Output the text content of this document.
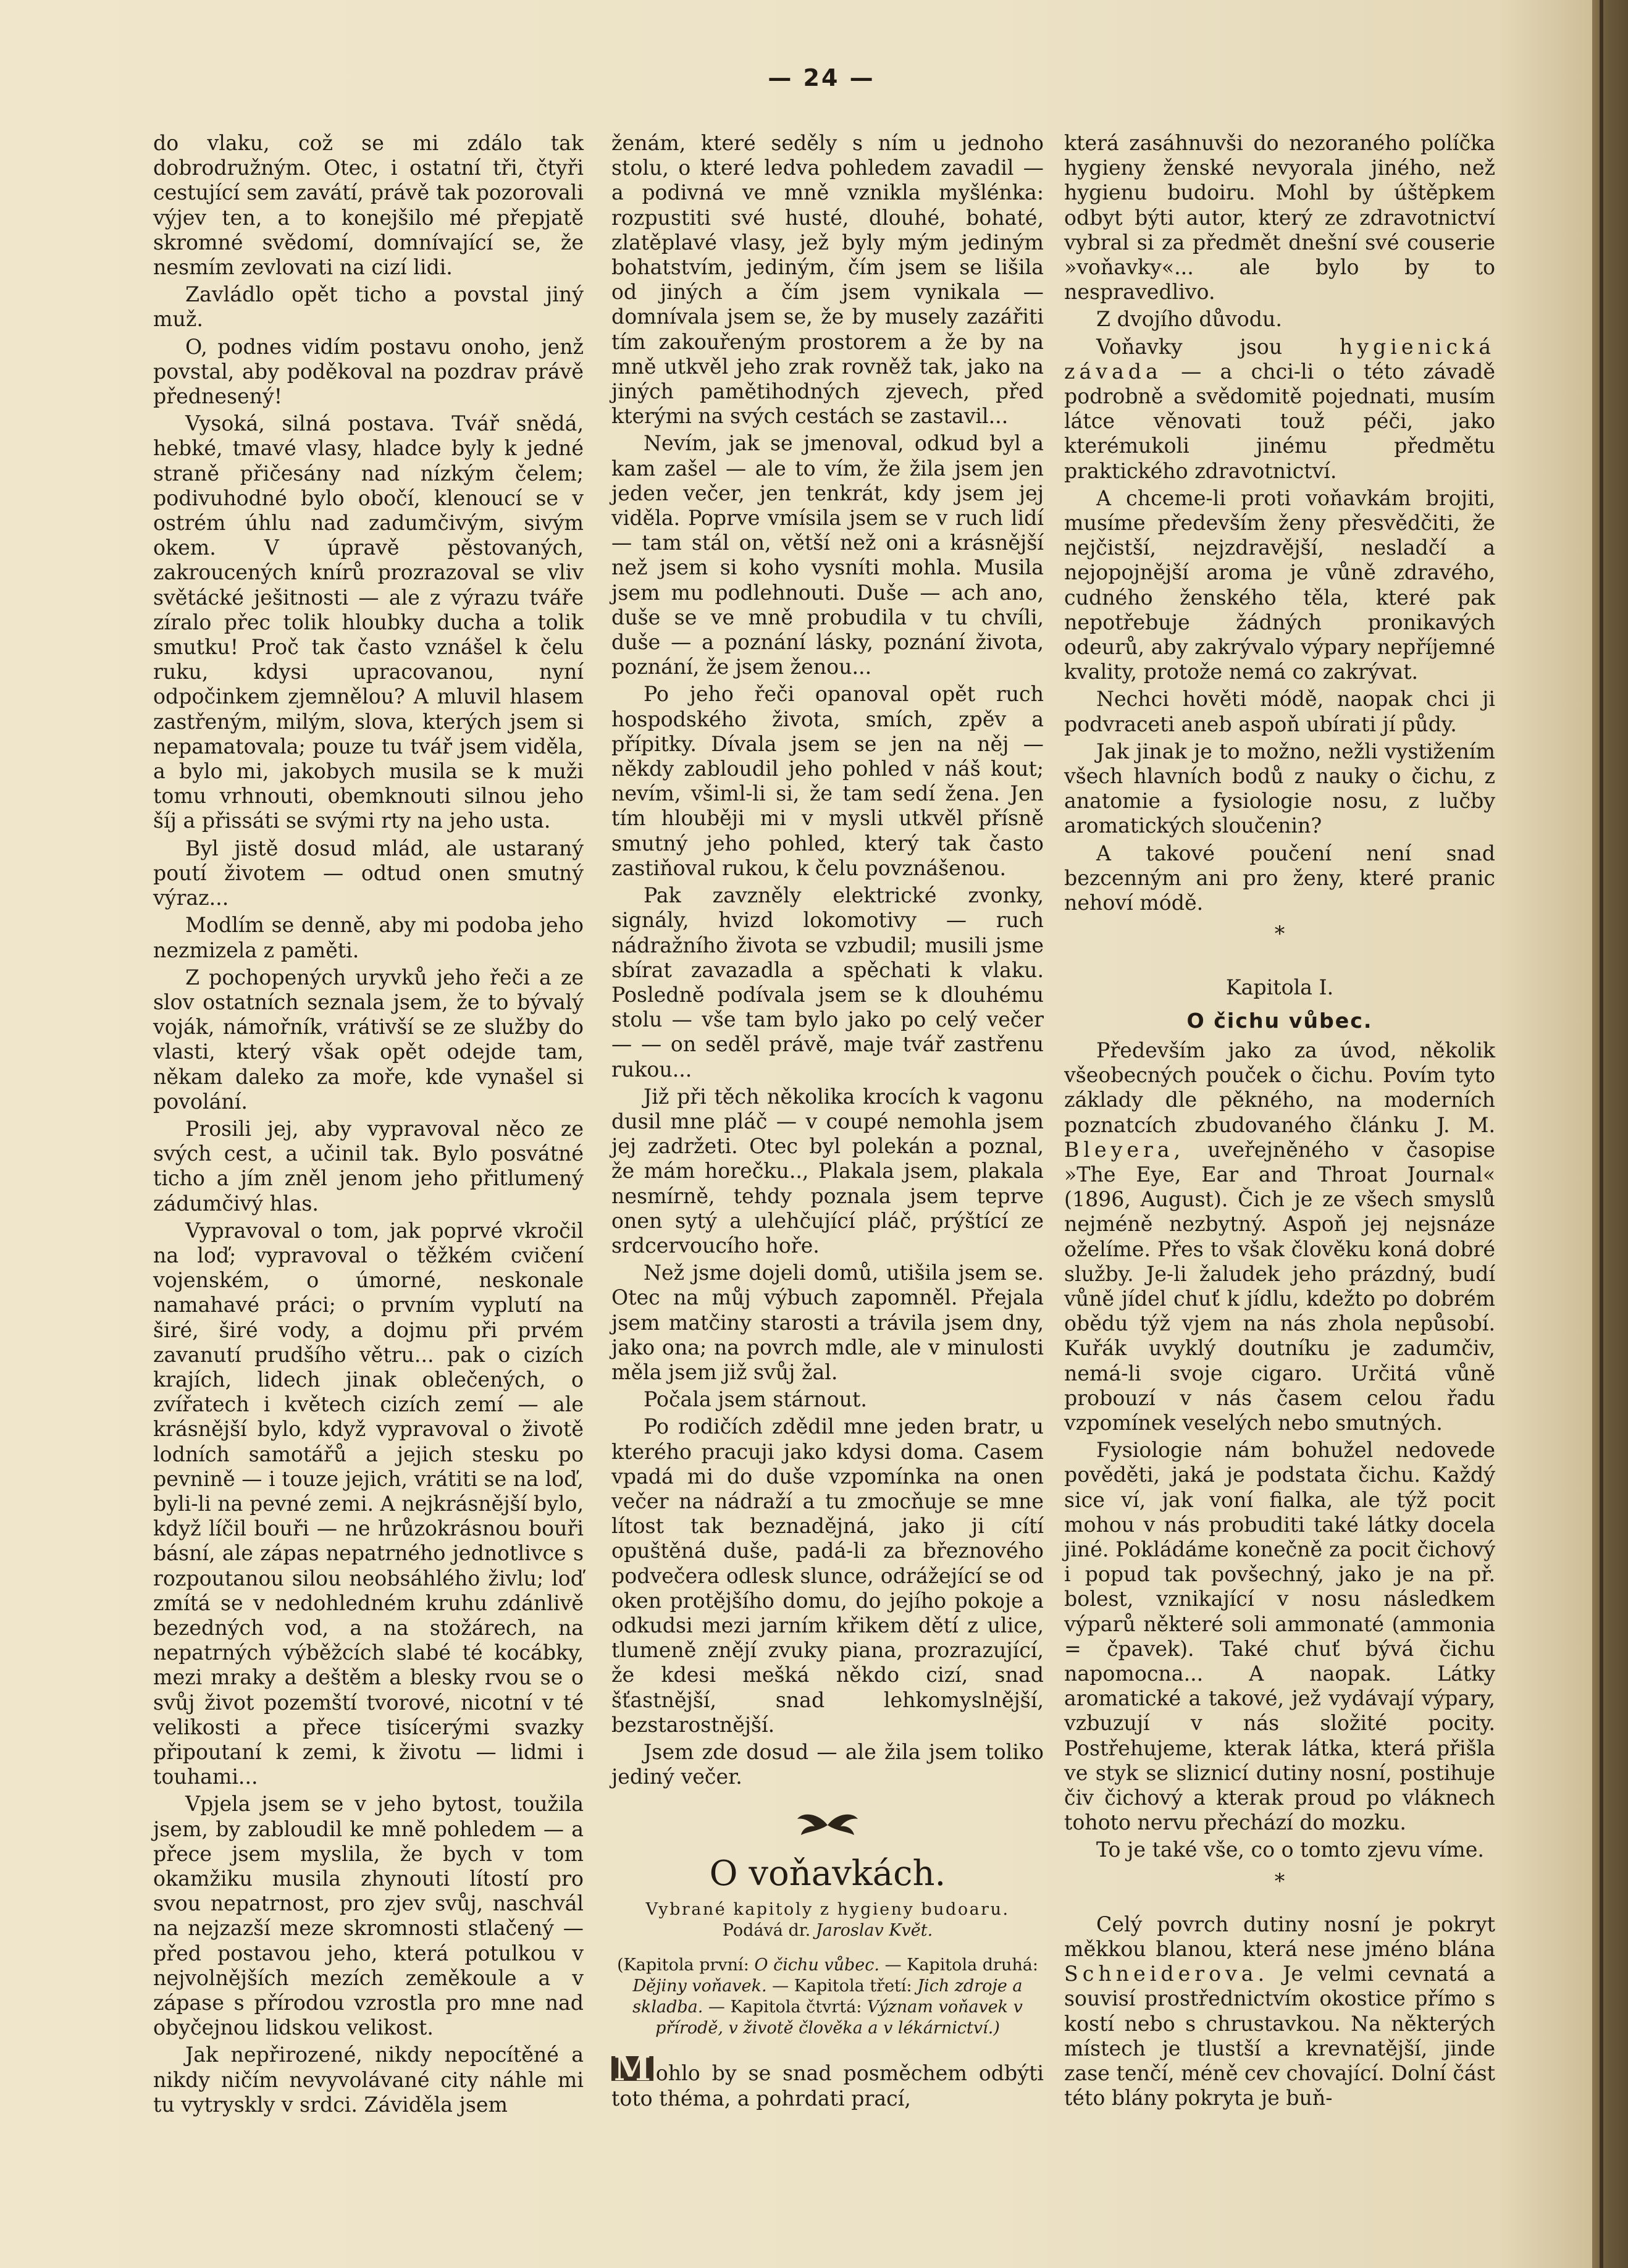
— 24 —

do vlaku, což se mi zdálo tak dobrodružným. Otec, i ostatní tři, čtyři cestující sem zavátí, právě tak pozorovali výjev ten, a to konejšilo mé přepjatě skromné svědomí, domnívající se, že nesmím zevlovati na cizí lidi.

Zavládlo opět ticho a povstal jiný muž.

O, podnes vidím postavu onoho, jenž povstal, aby poděkoval na pozdrav právě přednesený!

Vysoká, silná postava. Tvář snědá, hebké, tmavé vlasy, hladce byly k jedné straně přičesány nad nízkým čelem; podivuhodné bylo obočí, klenoucí se v ostrém úhlu nad zadumčivým, sivým okem. V úpravě pěstovaných, zakroucených knírů prozrazoval se vliv světácké ješitnosti — ale z výrazu tváře zíralo přec tolik hloubky ducha a tolik smutku! Proč tak často vznášel k čelu ruku, kdysi upracovanou, nyní odpočinkem zjemnělou? A mluvil hlasem zastřeným, milým, slova, kterých jsem si nepamatovala; pouze tu tvář jsem viděla, a bylo mi, jakobych musila se k muži tomu vrhnouti, obemknouti silnou jeho šíj a přissáti se svými rty na jeho usta.

Byl jistě dosud mlád, ale ustaraný poutí životem — odtud onen smutný výraz...

Modlím se denně, aby mi podoba jeho nezmizela z paměti.

Z pochopených uryvků jeho řeči a ze slov ostatních seznala jsem, že to bývalý voják, námořník, vrátivší se ze služby do vlasti, který však opět odejde tam, někam daleko za moře, kde vynašel si povolání.

Prosili jej, aby vypravoval něco ze svých cest, a učinil tak. Bylo posvátné ticho a jím zněl jenom jeho přitlumený zádumčivý hlas.

Vypravoval o tom, jak poprvé vkročil na loď; vypravoval o těžkém cvičení vojenském, o úmorné, neskonale namahavé práci; o prvním vyplutí na širé, širé vody, a dojmu při prvém zavanutí prudšího větru... pak o cizích krajích, lidech jinak oblečených, o zvířatech i květech cizích zemí — ale krásnější bylo, když vypravoval o životě lodních samotářů a jejich stesku po pevnině — i touze jejich, vrátiti se na loď, byli-li na pevné zemi. A nejkrásnější bylo, když líčil bouři — ne hrůzokrásnou bouři básní, ale zápas nepatrného jednotlivce s rozpoutanou silou neobsáhlého živlu; loď zmítá se v nedohledném kruhu zdánlivě bezedných vod, a na stožárech, na nepatrných výběžcích slabé té kocábky, mezi mraky a deštěm a blesky rvou se o svůj život pozemští tvorové, nicotní v té velikosti a přece tisícerými svazky připoutaní k zemi, k životu — lidmi i touhami...

Vpjela jsem se v jeho bytost, toužila jsem, by zabloudil ke mně pohledem — a přece jsem myslila, že bych v tom okamžiku musila zhynouti lítostí pro svou nepatrnost, pro zjev svůj, naschvál na nejzazší meze skromnosti stlačený — před postavou jeho, která potulkou v nejvolnějších mezích zeměkoule a v zápase s přírodou vzrostla pro mne nad obyčejnou lidskou velikost.

Jak nepřirozené, nikdy nepocítěné a nikdy ničím nevyvolávané city náhle mi tu vytryskly v srdci. Záviděla jsem

ženám, které seděly s ním u jednoho stolu, o které ledva pohledem zavadil — a podivná ve mně vznikla myšlénka: rozpustiti své husté, dlouhé, bohaté, zlatěplavé vlasy, jež byly mým jediným bohatstvím, jediným, čím jsem se lišila od jiných a čím jsem vynikala — domnívala jsem se, že by musely zazářiti tím zakouřeným prostorem a že by na mně utkvěl jeho zrak rovněž tak, jako na jiných pamětihodných zjevech, před kterými na svých cestách se zastavil...

Nevím, jak se jmenoval, odkud byl a kam zašel — ale to vím, že žila jsem jen jeden večer, jen tenkrát, kdy jsem jej viděla. Poprve vmísila jsem se v ruch lidí — tam stál on, větší než oni a krásnější než jsem si koho vysníti mohla. Musila jsem mu podlehnouti. Duše — ach ano, duše se ve mně probudila v tu chvíli, duše — a poznání lásky, poznání života, poznání, že jsem ženou...

Po jeho řeči opanoval opět ruch hospodského života, smích, zpěv a přípitky. Dívala jsem se jen na něj — někdy zabloudil jeho pohled v náš kout; nevím, všiml-li si, že tam sedí žena. Jen tím hlouběji mi v mysli utkvěl přísně smutný jeho pohled, který tak často zastiňoval rukou, k čelu povznášenou.

Pak zavzněly elektrické zvonky, signály, hvizd lokomotivy — ruch nádražního života se vzbudil; musili jsme sbírat zavazadla a spěchati k vlaku. Posledně podívala jsem se k dlouhému stolu — vše tam bylo jako po celý večer — — on seděl právě, maje tvář zastřenu rukou...

Již při těch několika krocích k vagonu dusil mne pláč — v coupé nemohla jsem jej zadržeti. Otec byl polekán a poznal, že mám horečku.., Plakala jsem, plakala nesmírně, tehdy poznala jsem teprve onen sytý a ulehčující pláč, prýštící ze srdcervoucího hoře.

Než jsme dojeli domů, utišila jsem se. Otec na můj výbuch zapomněl. Přejala jsem matčiny starosti a trávila jsem dny, jako ona; na povrch mdle, ale v minulosti měla jsem již svůj žal.

Počala jsem stárnout.

Po rodičích zdědil mne jeden bratr, u kterého pracuji jako kdysi doma. Casem vpadá mi do duše vzpomínka na onen večer na nádraží a tu zmocňuje se mne lítost tak beznadějná, jako ji cítí opuštěná duše, padá-li za březnového podvečera odlesk slunce, odrážející se od oken protějšího domu, do jejího pokoje a odkudsi mezi jarním křikem dětí z ulice, tlumeně znějí zvuky piana, prozrazující, že kdesi mešká někdo cizí, snad šťastnější, snad lehkomyslnější, bezstarostnější.

Jsem zde dosud — ale žila jsem toliko jediný večer.

O voňavkách.
Vybrané kapitoly z hygieny budoaru.
Podává dr. Jaroslav Květ.
(Kapitola první: O čichu vůbec. — Kapitola druhá: Dějiny voňavek. — Kapitola třetí: Jich zdroje a skladba. — Kapitola čtvrtá: Význam voňavek v přírodě, v životě člověka a v lékárnictví.)

M ohlo by se snad posměchem odbýti toto théma, a pohrdati prací,

která zasáhnuvši do nezoraného políčka hygieny ženské nevyorala jiného, než hygienu budoiru. Mohl by úštěpkem odbyt býti autor, který ze zdravotnictví vybral si za předmět dnešní své couserie »voňavky«... ale bylo by to nespravedlivo.

Z dvojího důvodu.

Voňavky jsou	hygienická závada — a chci-li o této závadě podrobně a svědomitě pojednati, musím látce věnovati touž péči, jako kterémukoli jinému předmětu praktického zdravotnictví.

A chceme-li proti voňavkám brojiti, musíme především ženy přesvědčiti, že nejčistší, nejzdravější, nesladčí a nejopojnější aroma je vůně zdravého, cudného ženského těla, které pak nepotřebuje žádných pronikavých odeurů, aby zakrývalo výpary nepříjemné kvality, protože nemá co zakrývat.

Nechci hověti módě, naopak chci ji podvraceti aneb aspoň ubírati jí půdy.

Jak jinak je to možno, nežli vystižením všech hlavních bodů z nauky o čichu, z anatomie a fysiologie nosu, z lučby aromatických sloučenin?

A takové poučení není snad bezcenným ani pro ženy, které pranic nehoví módě.

*

Kapitola I.

O čichu vůbec.

Především jako za úvod, několik všeobecných pouček o čichu. Povím tyto základy dle pěkného, na moderních poznatcích zbudovaného článku J. M. Bleyera, uveřejněného v časopise »The Eye, Ear and Throat Journal« (1896, August). Čich je ze všech smyslů nejméně nezbytný. Aspoň jej nejsnáze oželíme. Přes to však člověku koná dobré služby. Je-li žaludek jeho prázdný, budí vůně jídel chuť k jídlu, kdežto po dobrém obědu týž vjem na nás zhola nepůsobí. Kuřák uvyklý doutníku je zadumčiv, nemá-li svoje cigaro. Určitá vůně probouzí v nás časem celou řadu vzpomínek veselých nebo smutných.

Fysiologie nám bohužel nedovede pověděti, jaká je podstata čichu. Každý sice ví, jak voní fialka, ale týž pocit mohou v nás probuditi také látky docela jiné. Pokládáme konečně za pocit čichový i popud tak povšechný, jako je na př. bolest, vznikající v nosu následkem výparů některé soli ammonaté (ammonia = čpavek). Také chuť bývá čichu napomocna... A naopak. Látky aromatické a takové, jež vydávají výpary, vzbuzují v nás složité pocity. Postřehujeme, kterak látka, která přišla ve styk se sliznicí dutiny nosní, postihuje čiv čichový a kterak proud po vláknech tohoto nervu přechází do mozku.

To je také vše, co o tomto zjevu víme.

*

Celý povrch dutiny nosní je pokryt měkkou blanou, která nese jméno blána Schneiderova. Je velmi cevnatá a souvisí prostřednictvím okostice přímo s kostí nebo s chrustavkou. Na některých místech je tlustší a krevnatější, jinde zase tenčí, méně cev chovající. Dolní část této blány pokryta je buň-
